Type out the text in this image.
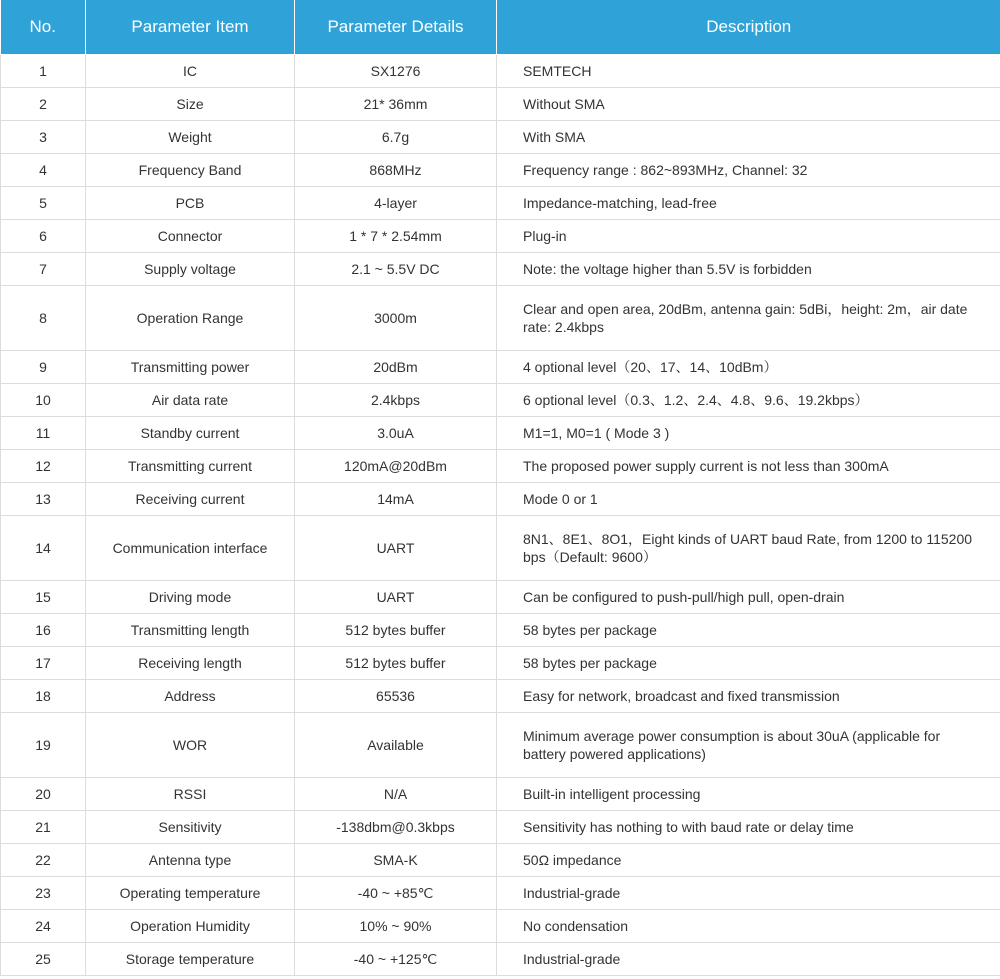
No.	Parameter Item	Parameter Details	Description
1	IC	SX1276	SEMTECH
2	Size	21* 36mm	Without SMA
3	Weight	6.7g	With SMA
4	Frequency Band	868MHz	Frequency range : 862~893MHz, Channel: 32
5	PCB	4-layer	Impedance-matching, lead-free
6	Connector	1 * 7 * 2.54mm	Plug-in
7	Supply voltage	2.1 ~ 5.5V DC	Note: the voltage higher than 5.5V is forbidden
8	Operation Range	3000m	Clear and open area, 20dBm, antenna gain: 5dBi，height: 2m，air date rate: 2.4kbps
9	Transmitting power	20dBm	4 optional level（20、17、14、10dBm）
10	Air data rate	2.4kbps	6 optional level（0.3、1.2、2.4、4.8、9.6、19.2kbps）
11	Standby current	3.0uA	M1=1, M0=1 ( Mode 3 )
12	Transmitting current	120mA@20dBm	The proposed power supply current is not less than 300mA
13	Receiving current	14mA	Mode 0 or 1
14	Communication interface	UART	8N1、8E1、8O1，Eight kinds of UART baud Rate, from 1200 to 115200 bps（Default: 9600）
15	Driving mode	UART	Can be configured to push-pull/high pull, open-drain
16	Transmitting length	512 bytes buffer	58 bytes per package
17	Receiving length	512 bytes buffer	58 bytes per package
18	Address	65536	Easy for network, broadcast and fixed transmission
19	WOR	Available	Minimum average power consumption is about 30uA (applicable for battery powered applications)
20	RSSI	N/A	Built-in intelligent processing
21	Sensitivity	-138dbm@0.3kbps	Sensitivity has nothing to with baud rate or delay time
22	Antenna type	SMA-K	50Ω impedance
23	Operating temperature	-40 ~ +85℃	Industrial-grade
24	Operation Humidity	10% ~ 90%	No condensation
25	Storage temperature	-40 ~ +125℃	Industrial-grade
